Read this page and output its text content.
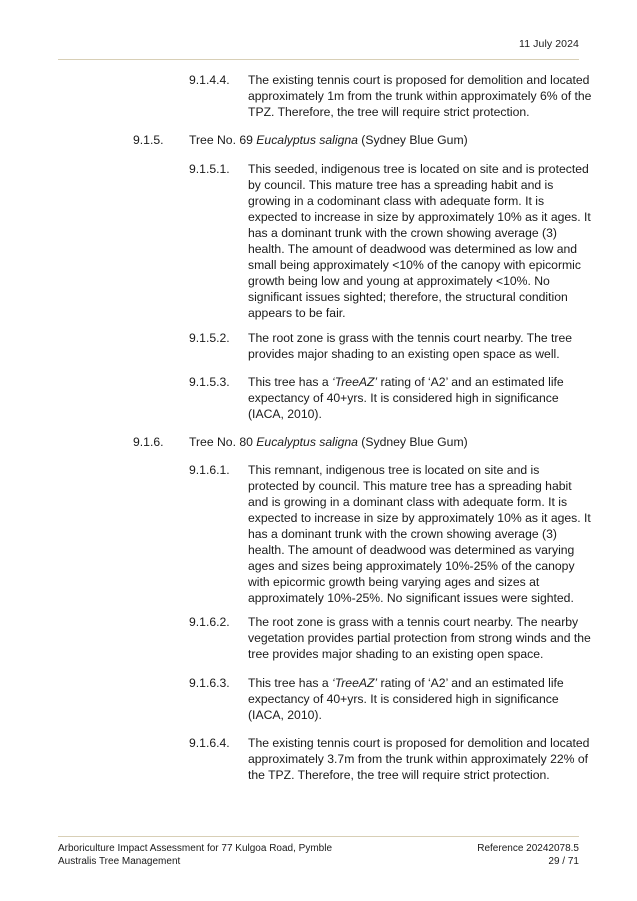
11 July 2024
9.1.4.4. The existing tennis court is proposed for demolition and located
approximately 1m from the trunk within approximately 6% of the
TPZ. Therefore, the tree will require strict protection.
9.1.5. Tree No. 69 Eucalyptus saligna (Sydney Blue Gum)
9.1.5.1. This seeded, indigenous tree is located on site and is protected
by council. This mature tree has a spreading habit and is
growing in a codominant class with adequate form. It is
expected to increase in size by approximately 10% as it ages. It
has a dominant trunk with the crown showing average (3)
health. The amount of deadwood was determined as low and
small being approximately <10% of the canopy with epicormic
growth being low and young at approximately <10%. No
significant issues sighted; therefore, the structural condition
appears to be fair.
9.1.5.2. The root zone is grass with the tennis court nearby. The tree
provides major shading to an existing open space as well.
9.1.5.3. This tree has a ‘TreeAZ’ rating of ‘A2’ and an estimated life
expectancy of 40+yrs. It is considered high in significance
(IACA, 2010).
9.1.6. Tree No. 80 Eucalyptus saligna (Sydney Blue Gum)
9.1.6.1. This remnant, indigenous tree is located on site and is
protected by council. This mature tree has a spreading habit
and is growing in a dominant class with adequate form. It is
expected to increase in size by approximately 10% as it ages. It
has a dominant trunk with the crown showing average (3)
health. The amount of deadwood was determined as varying
ages and sizes being approximately 10%-25% of the canopy
with epicormic growth being varying ages and sizes at
approximately 10%-25%. No significant issues were sighted.
9.1.6.2. The root zone is grass with a tennis court nearby. The nearby
vegetation provides partial protection from strong winds and the
tree provides major shading to an existing open space.
9.1.6.3. This tree has a ‘TreeAZ’ rating of ‘A2’ and an estimated life
expectancy of 40+yrs. It is considered high in significance
(IACA, 2010).
9.1.6.4. The existing tennis court is proposed for demolition and located
approximately 3.7m from the trunk within approximately 22% of
the TPZ. Therefore, the tree will require strict protection.
Arboriculture Impact Assessment for 77 Kulgoa Road, Pymble
Australis Tree Management
Reference 20242078.5
29 / 71
